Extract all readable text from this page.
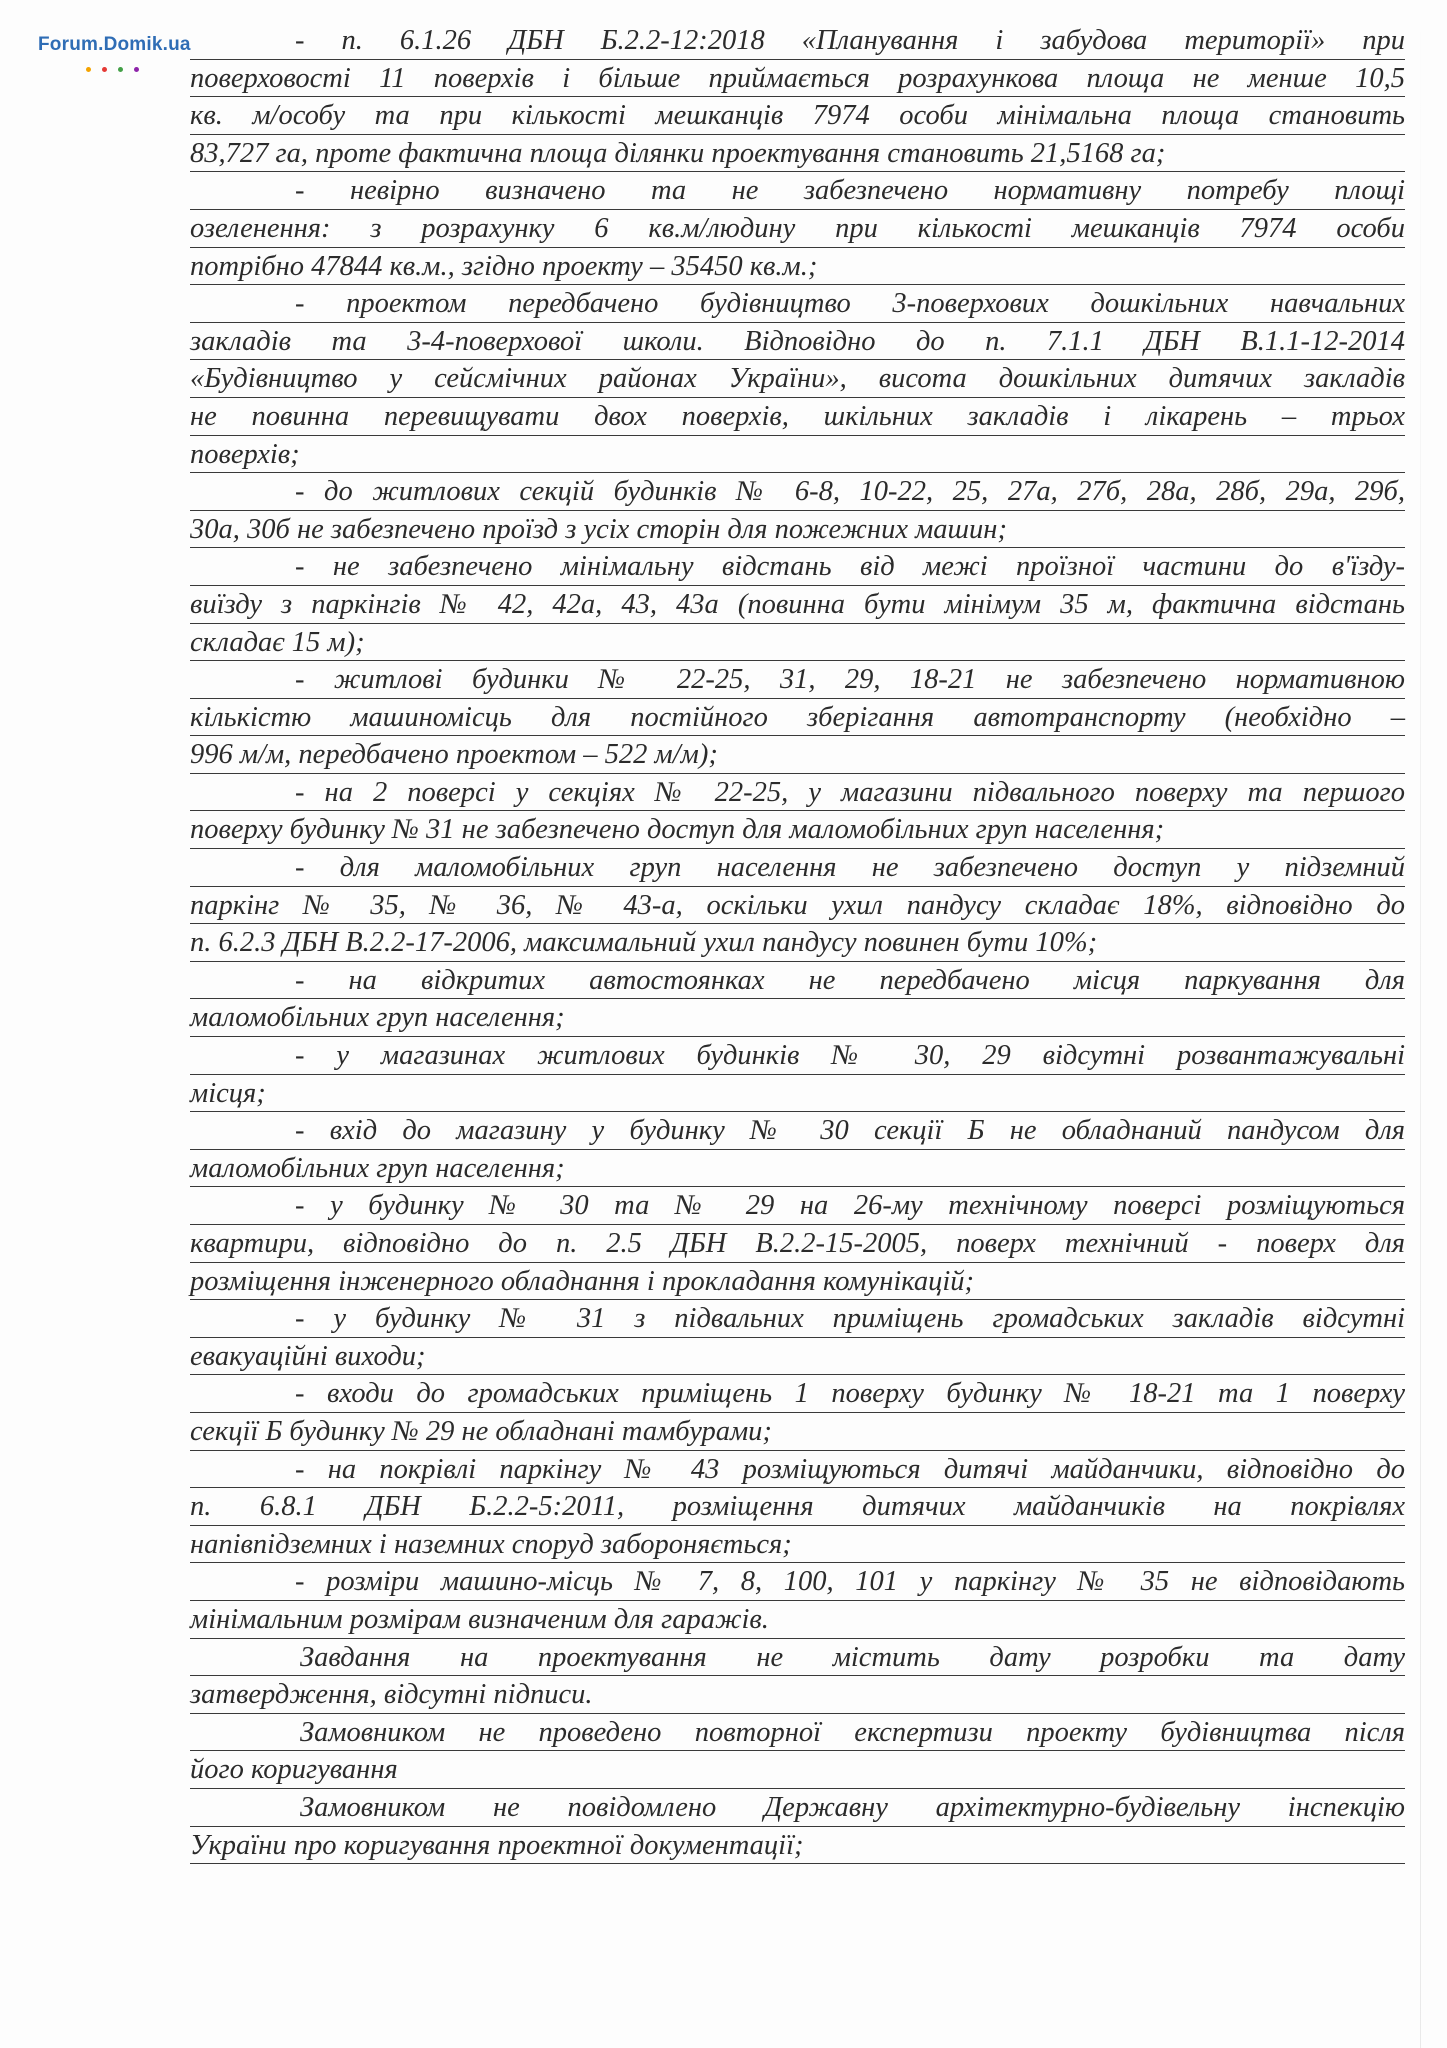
Forum.Domik.ua	- п. 6.1.26 ДБН Б.2.2-12:2018 «Планування і забудова території» при
поверховості 11 поверхів і більше приймається розрахункова площа не менше 10,5
кв. м/особу та при кількості мешканців 7974 особи мінімальна площа становить
83,727 га, проте фактична площа ділянки проектування становить 21,5168 га;
- невірно визначено та не забезпечено нормативну потребу площі
озеленення: з розрахунку 6 кв.м/людину при кількості мешканців 7974 особи
потрібно 47844 кв.м., згідно проекту – 35450 кв.м.;
- проектом передбачено будівництво 3-поверхових дошкільних навчальних
закладів та 3-4-поверхової школи. Відповідно до п. 7.1.1 ДБН В.1.1-12-2014
«Будівництво у сейсмічних районах України», висота дошкільних дитячих закладів
не повинна перевищувати двох поверхів, шкільних закладів і лікарень – трьох
поверхів;
- до житлових секцій будинків № 6-8, 10-22, 25, 27а, 27б, 28а, 28б, 29а, 29б,
30а, 30б не забезпечено проїзд з усіх сторін для пожежних машин;
- не забезпечено мінімальну відстань від межі проїзної частини до в'їзду-
виїзду з паркінгів № 42, 42а, 43, 43а (повинна бути мінімум 35 м, фактична відстань
складає 15 м);
- житлові будинки № 22-25, 31, 29, 18-21 не забезпечено нормативною
кількістю машиномісць для постійного зберігання автотранспорту (необхідно –
996 м/м, передбачено проектом – 522 м/м);
- на 2 поверсі у секціях № 22-25, у магазини підвального поверху та першого
поверху будинку № 31 не забезпечено доступ для маломобільних груп населення;
- для маломобільних груп населення не забезпечено доступ у підземний
паркінг № 35, № 36, № 43-а, оскільки ухил пандусу складає 18%, відповідно до
п. 6.2.3 ДБН В.2.2-17-2006, максимальний ухил пандусу повинен бути 10%;
- на відкритих автостоянках не передбачено місця паркування для
маломобільних груп населення;
- у магазинах житлових будинків № 30, 29 відсутні розвантажувальні
місця;
- вхід до магазину у будинку № 30 секції Б не обладнаний пандусом для
маломобільних груп населення;
- у будинку № 30 та № 29 на 26-му технічному поверсі розміщуються
квартири, відповідно до п. 2.5 ДБН В.2.2-15-2005, поверх технічний - поверх для
розміщення інженерного обладнання і прокладання комунікацій;
- у будинку № 31 з підвальних приміщень громадських закладів відсутні
евакуаційні виходи;
- входи до громадських приміщень 1 поверху будинку № 18-21 та 1 поверху
секції Б будинку № 29 не обладнані тамбурами;
- на покрівлі паркінгу № 43 розміщуються дитячі майданчики, відповідно до
п. 6.8.1 ДБН Б.2.2-5:2011, розміщення дитячих майданчиків на покрівлях
напівпідземних і наземних споруд забороняється;
- розміри машино-місць № 7, 8, 100, 101 у паркінгу № 35 не відповідають
мінімальним розмірам визначеним для гаражів.
Завдання на проектування не містить дату розробки та дату
затвердження, відсутні підписи.
Замовником не проведено повторної експертизи проекту будівництва після
його коригування
Замовником не повідомлено Державну архітектурно-будівельну інспекцію
України про коригування проектної документації;
